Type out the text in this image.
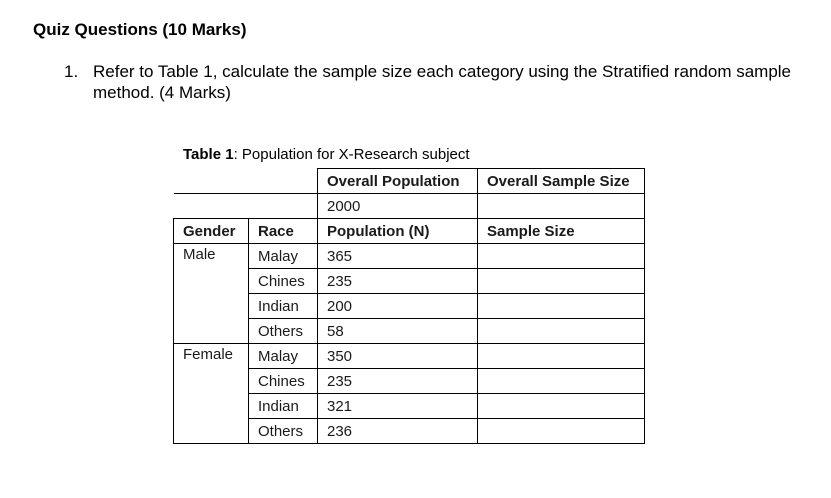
Quiz Questions (10 Marks)
1. Refer to Table 1, calculate the sample size each category using the Stratified random sample method. (4 Marks)
Table 1: Population for X-Research subject
		Overall Population	Overall Sample Size
		2000	
Gender	Race	Population (N)	Sample Size
Male	Malay	365	
	Chines	235	
	Indian	200	
	Others	58	
Female	Malay	350	
	Chines	235	
	Indian	321	
	Others	236	
